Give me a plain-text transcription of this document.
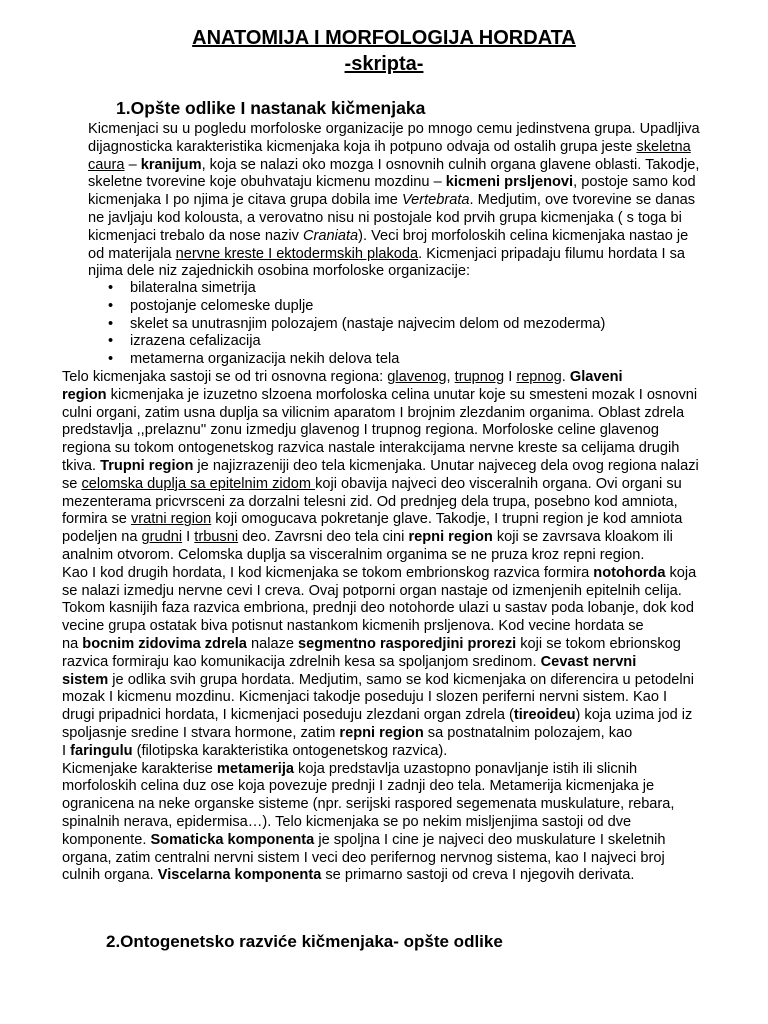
ANATOMIJA I MORFOLOGIJA HORDATA
-skripta-
1.Opšte odlike I nastanak kičmenjaka
Kicmenjaci su u pogledu morfoloske organizacije po mnogo cemu jedinstvena grupa. Upadljiva
dijagnosticka karakteristika kicmenjaka koja ih potpuno odvaja od ostalih grupa jeste skeletna
caura – kranijum, koja se nalazi oko mozga I osnovnih culnih organa glavene oblasti. Takodje,
skeletne tvorevine koje obuhvataju kicmenu mozdinu – kicmeni prsljenovi, postoje samo kod
kicmenjaka I po njima je citava grupa dobila ime Vertebrata. Medjutim, ove tvorevine se danas
ne javljaju kod kolousta, a verovatno nisu ni postojale kod prvih grupa kicmenjaka ( s toga bi
kicmenjaci trebalo da nose naziv Craniata). Veci broj morfoloskih celina kicmenjaka nastao je
od materijala nervne kreste I ektodermskih plakoda. Kicmenjaci pripadaju filumu hordata I sa
njima dele niz zajednickih osobina morfoloske organizacije:
•	bilateralna simetrija
•	postojanje celomeske duplje
•	skelet sa unutrasnjim polozajem (nastaje najvecim delom od mezoderma)
•	izrazena cefalizacija
•	metamerna organizacija nekih delova tela
Telo kicmenjaka sastoji se od tri osnovna regiona: glavenog, trupnog I repnog. Glaveni
region kicmenjaka je izuzetno slzoena morfoloska celina unutar koje su smesteni mozak I osnovni
culni organi, zatim usna duplja sa vilicnim aparatom I brojnim zlezdanim organima. Oblast zdrela
predstavlja ,,prelaznu'' zonu izmedju glavenog I trupnog regiona. Morfoloske celine glavenog
regiona su tokom ontogenetskog razvica nastale interakcijama nervne kreste sa celijama drugih
tkiva. Trupni region je najizrazeniji deo tela kicmenjaka. Unutar najveceg dela ovog regiona nalazi
se celomska duplja sa epitelnim zidom koji obavija najveci deo visceralnih organa. Ovi organi su
mezenterama pricvrsceni za dorzalni telesni zid. Od prednjeg dela trupa, posebno kod amniota,
formira se vratni region koji omogucava pokretanje glave. Takodje, I trupni region je kod amniota
podeljen na grudni I trbusni deo. Zavrsni deo tela cini repni region koji se zavrsava kloakom ili
analnim otvorom. Celomska duplja sa visceralnim organima se ne pruza kroz repni region.
Kao I kod drugih hordata, I kod kicmenjaka se tokom embrionskog razvica formira notohorda koja
se nalazi izmedju nervne cevi I creva. Ovaj potporni organ nastaje od izmenjenih epitelnih celija.
Tokom kasnijih faza razvica embriona, prednji deo notohorde ulazi u sastav poda lobanje, dok kod
vecine grupa ostatak biva potisnut nastankom kicmenih prsljenova. Kod vecine hordata se
na bocnim zidovima zdrela nalaze segmentno rasporedjini prorezi koji se tokom ebrionskog
razvica formiraju kao komunikacija zdrelnih kesa sa spoljanjom sredinom. Cevast nervni
sistem je odlika svih grupa hordata. Medjutim, samo se kod kicmenjaka on diferencira u petodelni
mozak I kicmenu mozdinu. Kicmenjaci takodje poseduju I slozen periferni nervni sistem. Kao I
drugi pripadnici hordata, I kicmenjaci poseduju zlezdani organ zdrela (tireoideu) koja uzima jod iz
spoljasnje sredine I stvara hormone, zatim repni region sa postnatalnim polozajem, kao
I faringulu (filotipska karakteristika ontogenetskog razvica).
Kicmenjake karakterise metamerija koja predstavlja uzastopno ponavljanje istih ili slicnih
morfoloskih celina duz ose koja povezuje prednji I zadnji deo tela. Metamerija kicmenjaka je
ogranicena na neke organske sisteme (npr. serijski raspored segemenata muskulature, rebara,
spinalnih nerava, epidermisa…). Telo kicmenjaka se po nekim misljenjima sastoji od dve
komponente. Somaticka komponenta je spoljna I cine je najveci deo muskulature I skeletnih
organa, zatim centralni nervni sistem I veci deo perifernog nervnog sistema, kao I najveci broj
culnih organa. Viscelarna komponenta se primarno sastoji od creva I njegovih derivata.
2.Ontogenetsko razviće kičmenjaka- opšte odlike
